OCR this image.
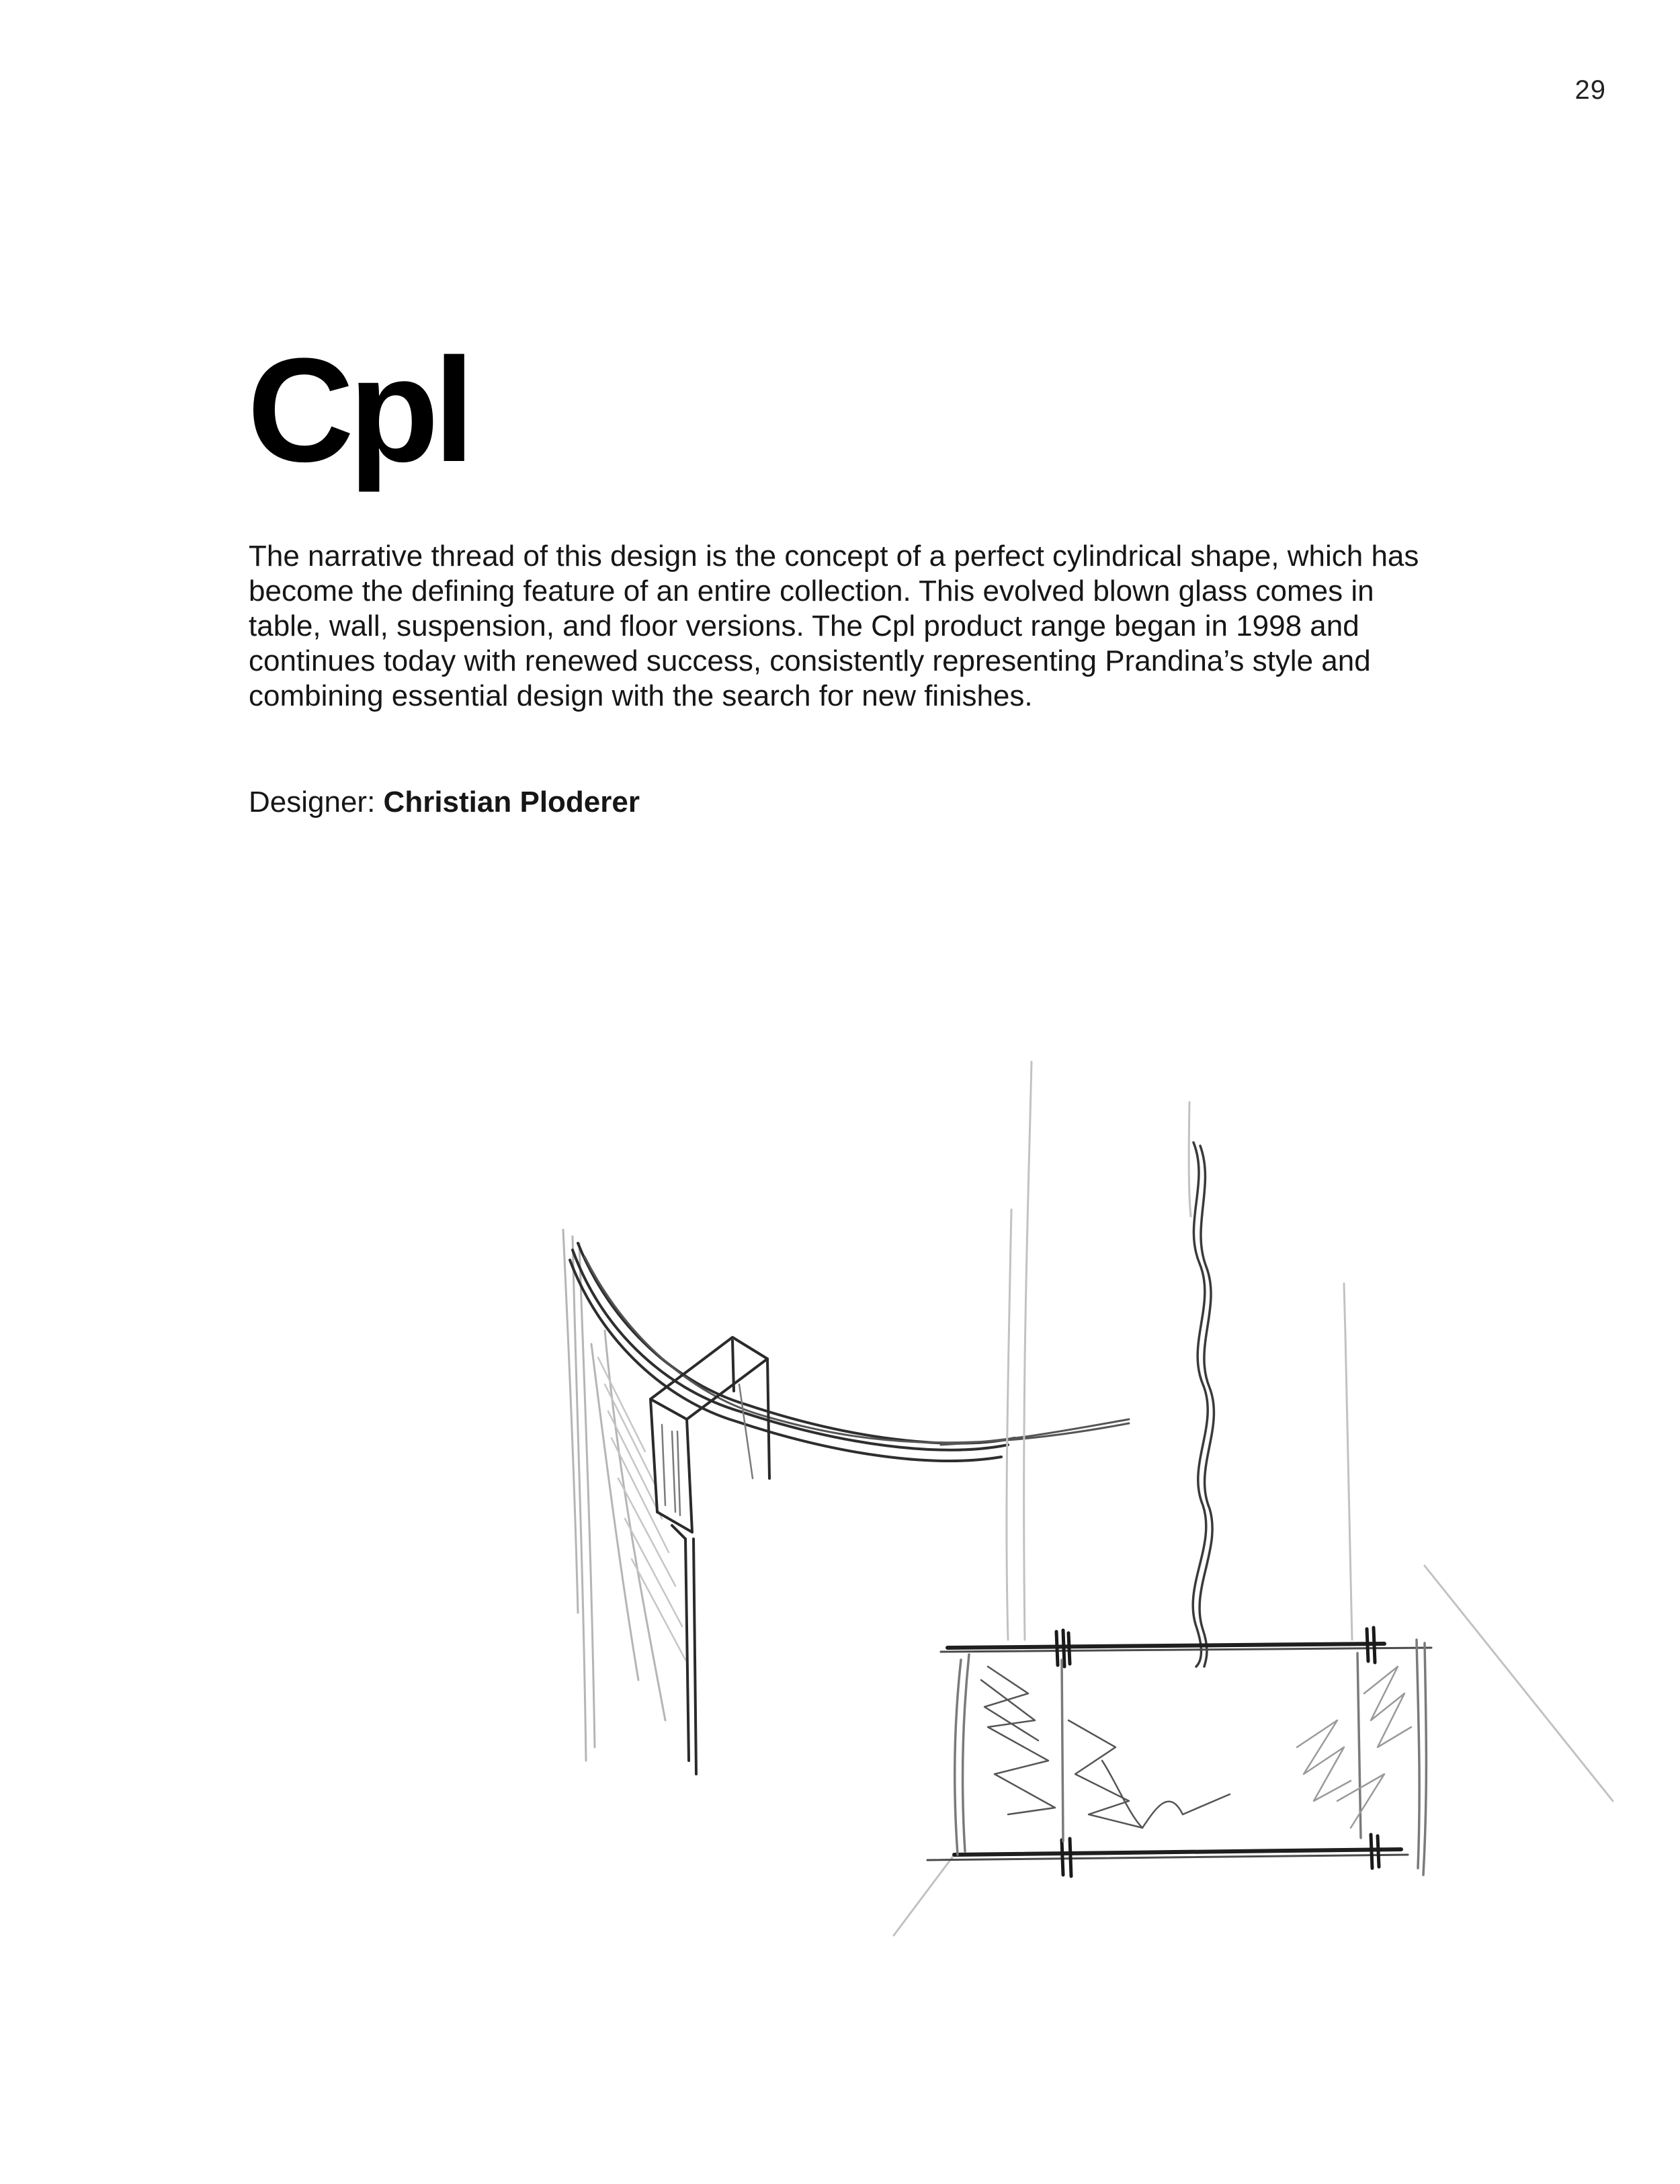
29
Cpl

The narrative thread of this design is the concept of a perfect cylindrical shape, which has become the defining feature of an entire collection. This evolved blown glass comes in table, wall, suspension, and floor versions. The Cpl product range began in 1998 and continues today with renewed success, consistently representing Prandina’s style and combining essential design with the search for new finishes.

Designer: Christian Ploderer
